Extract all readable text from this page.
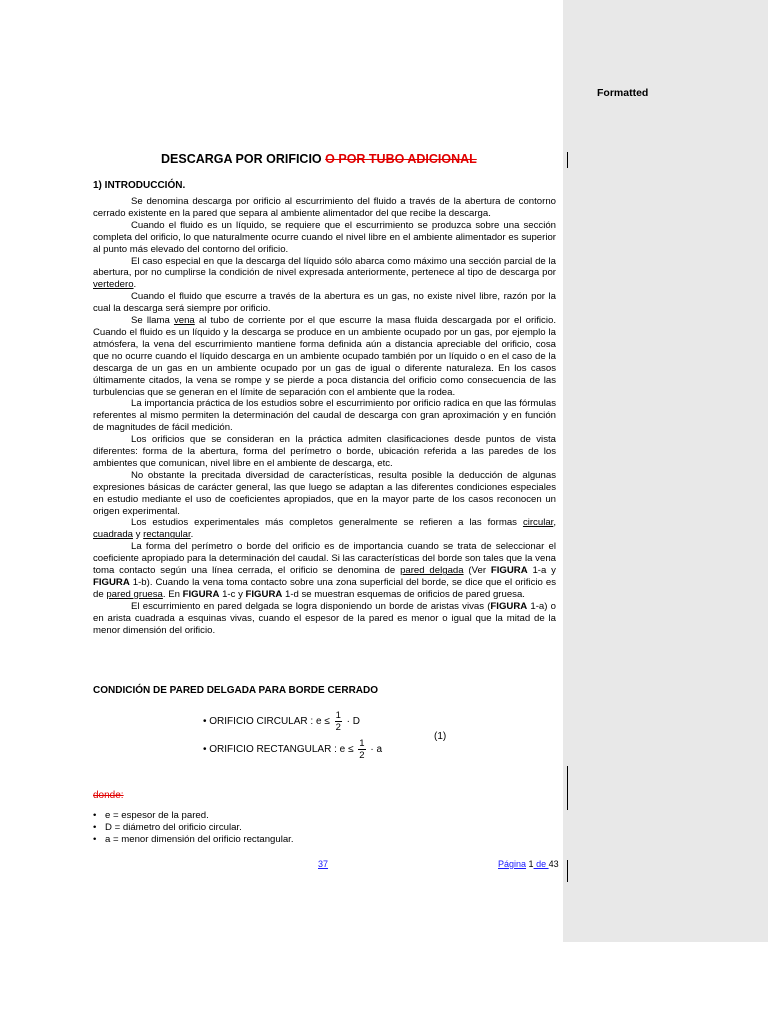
Formatted
DESCARGA POR ORIFICIO O POR TUBO ADICIONAL
1) INTRODUCCIÓN.

Se denomina descarga por orificio al escurrimiento del fluido a través de la abertura de contorno cerrado existente en la pared que separa al ambiente alimentador del que recibe la descarga.

Cuando el fluido es un líquido, se requiere que el escurrimiento se produzca sobre una sección completa del orificio, lo que naturalmente ocurre cuando el nivel libre en el ambiente alimentador es superior al punto más elevado del contorno del orificio.

El caso especial en que la descarga del líquido sólo abarca como máximo una sección parcial de la abertura, por no cumplirse la condición de nivel expresada anteriormente, pertenece al tipo de descarga por vertedero.

Cuando el fluido que escurre a través de la abertura es un gas, no existe nivel libre, razón por la cual la descarga será siempre por orificio.

Se llama vena al tubo de corriente por el que escurre la masa fluida descargada por el orificio. Cuando el fluido es un líquido y la descarga se produce en un ambiente ocupado por un gas, por ejemplo la atmósfera, la vena del escurrimiento mantiene forma definida aún a distancia apreciable del orificio, cosa que no ocurre cuando el líquido descarga en un ambiente ocupado también por un líquido o en el caso de la descarga de un gas en un ambiente ocupado por un gas de igual o diferente naturaleza. En los casos últimamente citados, la vena se rompe y se pierde a poca distancia del orificio como consecuencia de las turbulencias que se generan en el límite de separación con el ambiente que la rodea.

La importancia práctica de los estudios sobre el escurrimiento por orificio radica en que las fórmulas referentes al mismo permiten la determinación del caudal de descarga con gran aproximación y en función de magnitudes de fácil medición.

Los orificios que se consideran en la práctica admiten clasificaciones desde puntos de vista diferentes: forma de la abertura, forma del perímetro o borde, ubicación referida a las paredes de los ambientes que comunican, nivel libre en el ambiente de descarga, etc.

No obstante la precitada diversidad de características, resulta posible la deducción de algunas expresiones básicas de carácter general, las que luego se adaptan a las diferentes condiciones especiales en estudio mediante el uso de coeficientes apropiados, que en la mayor parte de los casos reconocen un origen experimental.

Los estudios experimentales más completos generalmente se refieren a las formas circular, cuadrada y rectangular.

La forma del perímetro o borde del orificio es de importancia cuando se trata de seleccionar el coeficiente apropiado para la determinación del caudal. Si las características del borde son tales que la vena toma contacto según una línea cerrada, el orificio se denomina de pared delgada (Ver FIGURA 1-a y FIGURA 1-b). Cuando la vena toma contacto sobre una zona superficial del borde, se dice que el orificio es de pared gruesa. En FIGURA 1-c y FIGURA 1-d se muestran esquemas de orificios de pared gruesa.

El escurrimiento en pared delgada se logra disponiendo un borde de aristas vivas (FIGURA 1-a) o en arista cuadrada a esquinas vivas, cuando el espesor de la pared es menor o igual que la mitad de la menor dimensión del orificio.

CONDICIÓN DE PARED DELGADA PARA BORDE CERRADO
• ORIFICIO CIRCULAR : $e \le \frac{1}{2} \cdot D$
• ORIFICIO RECTANGULAR : $e \le \frac{1}{2} \cdot a$
(1)
donde:
• e = espesor de la pared.
• D = diámetro del orificio circular.
• a = menor dimensión del orificio rectangular.
37	Página 1 de 43
